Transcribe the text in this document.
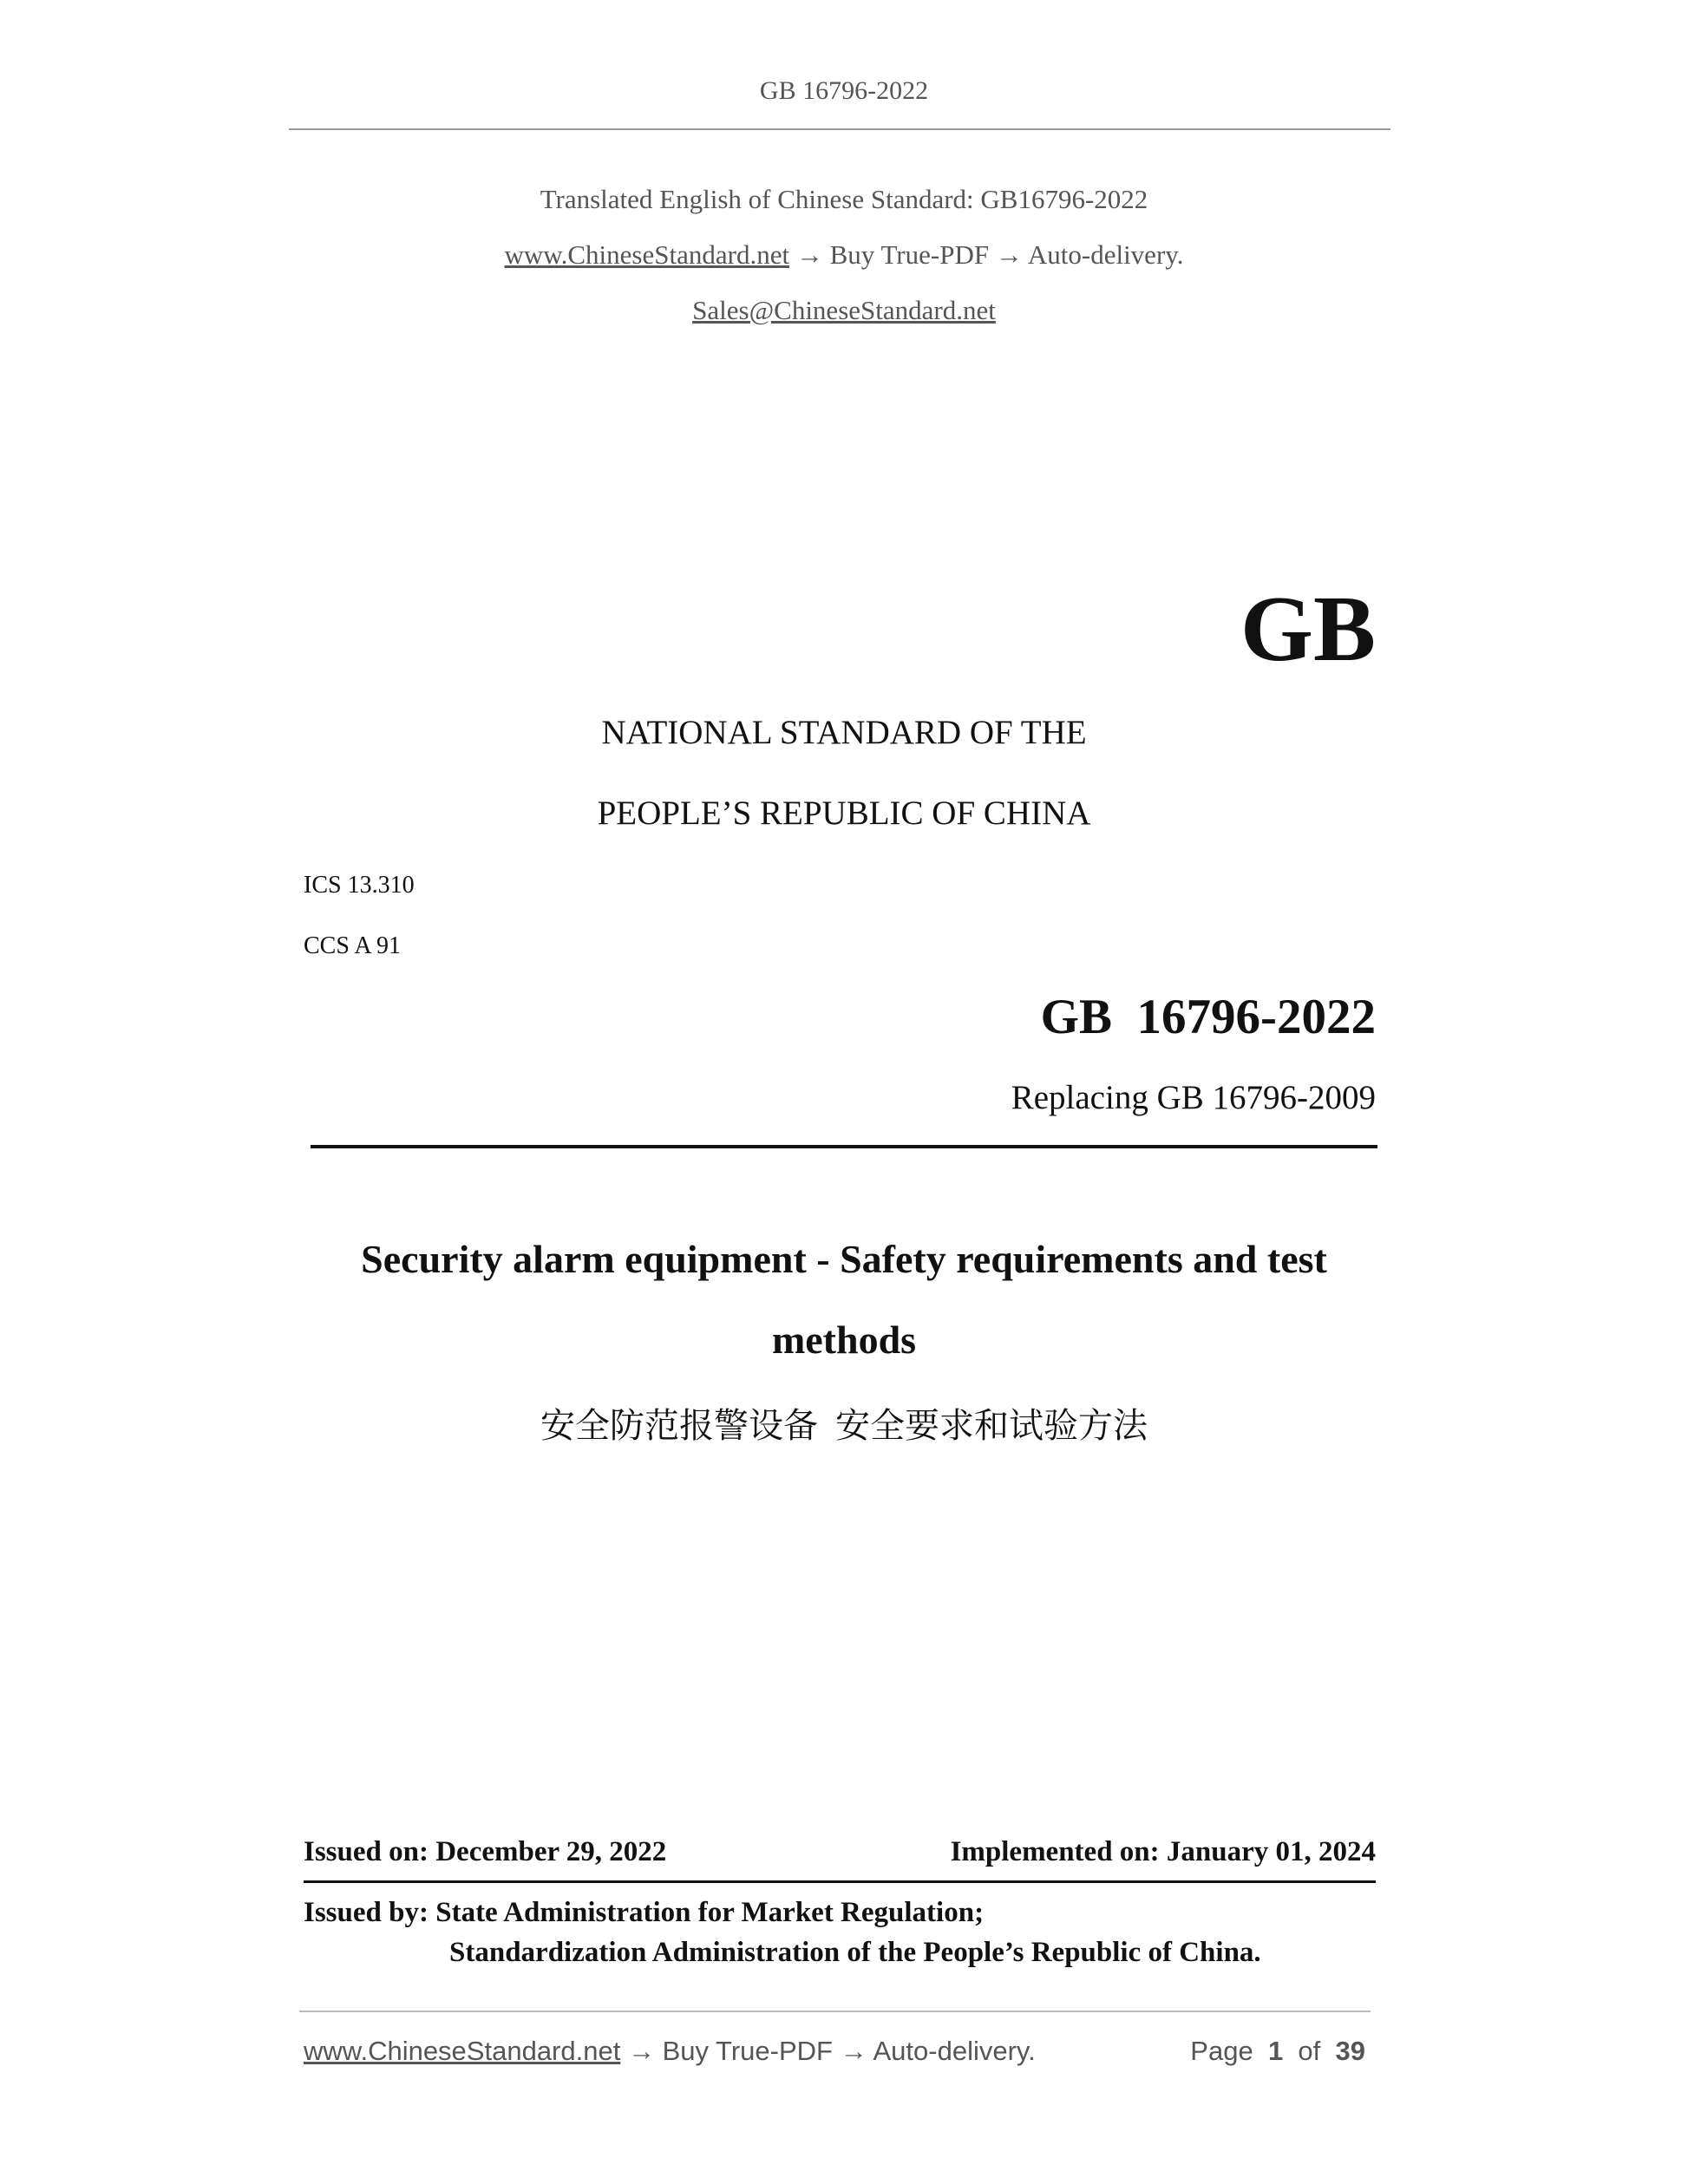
GB 16796-2022
Translated English of Chinese Standard: GB16796-2022
www.ChineseStandard.net → Buy True-PDF → Auto-delivery.
Sales@ChineseStandard.net
GB
NATIONAL STANDARD OF THE
PEOPLE’S REPUBLIC OF CHINA
ICS 13.310
CCS A 91
GB  16796-2022
Replacing GB 16796-2009
Security alarm equipment - Safety requirements and test
methods
安全防范报警设备  安全要求和试验方法
Issued on: December 29, 2022	Implemented on: January 01, 2024
Issued by: State Administration for Market Regulation;
Standardization Administration of the People’s Republic of China.
www.ChineseStandard.net → Buy True-PDF → Auto-delivery.	Page 1 of 39
